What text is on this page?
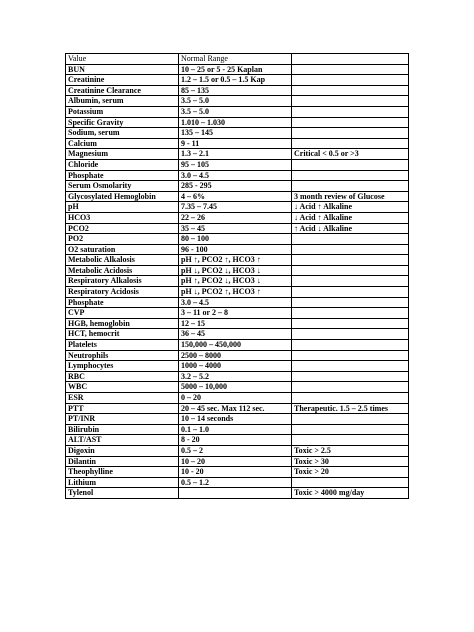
Value	Normal Range	
BUN	10 – 25 or 5 - 25 Kaplan	
Creatinine	1.2 – 1.5 or 0.5 – 1.5 Kap	
Creatinine Clearance	85 – 135	
Albumin, serum	3.5 – 5.0	
Potassium	3.5 – 5.0	
Specific Gravity	1.010 – 1.030	
Sodium, serum	135 – 145	
Calcium	9 - 11	
Magnesium	1.3 – 2.1	Critical < 0.5 or >3
Chloride	95 – 105	
Phosphate	3.0 – 4.5	
Serum Osmolarity	285 - 295	
Glycosylated Hemoglobin	4 – 6%	3 month review of Glucose
pH	7.35 – 7.45	↓ Acid ↑ Alkaline
HCO3	22 – 26	↓ Acid ↑ Alkaline
PCO2	35 – 45	↑ Acid ↓ Alkaline
PO2	80 – 100	
O2 saturation	96 - 100	
Metabolic Alkalosis	pH ↑, PCO2 ↑, HCO3 ↑	
Metabolic Acidosis	pH ↓, PCO2 ↓, HCO3 ↓	
Respiratory Alkalosis	pH ↑, PCO2 ↓, HCO3 ↓	
Respiratory Acidosis	pH ↓, PCO2 ↑, HCO3 ↑	
Phosphate	3.0 – 4.5	
CVP	3 – 11 or 2 – 8	
HGB, hemoglobin	12 – 15	
HCT, hemocrit	36 – 45	
Platelets	150,000 – 450,000	
Neutrophils	2500 – 8000	
Lymphocytes	1000 – 4000	
RBC	3.2 – 5.2	
WBC	5000 – 10,000	
ESR	0 – 20	
PTT	20 – 45 sec. Max 112 sec.	Therapeutic. 1.5 – 2.5 times
PT/INR	10 – 14 seconds	
Bilirubin	0.1 – 1.0	
ALT/AST	8 - 20	
Digoxin	0.5 – 2	Toxic > 2.5
Dilantin	10 – 20	Toxic > 30
Theophylline	10 - 20	Toxic > 20
Lithium	0.5 – 1.2	
Tylenol		Toxic > 4000 mg/day
